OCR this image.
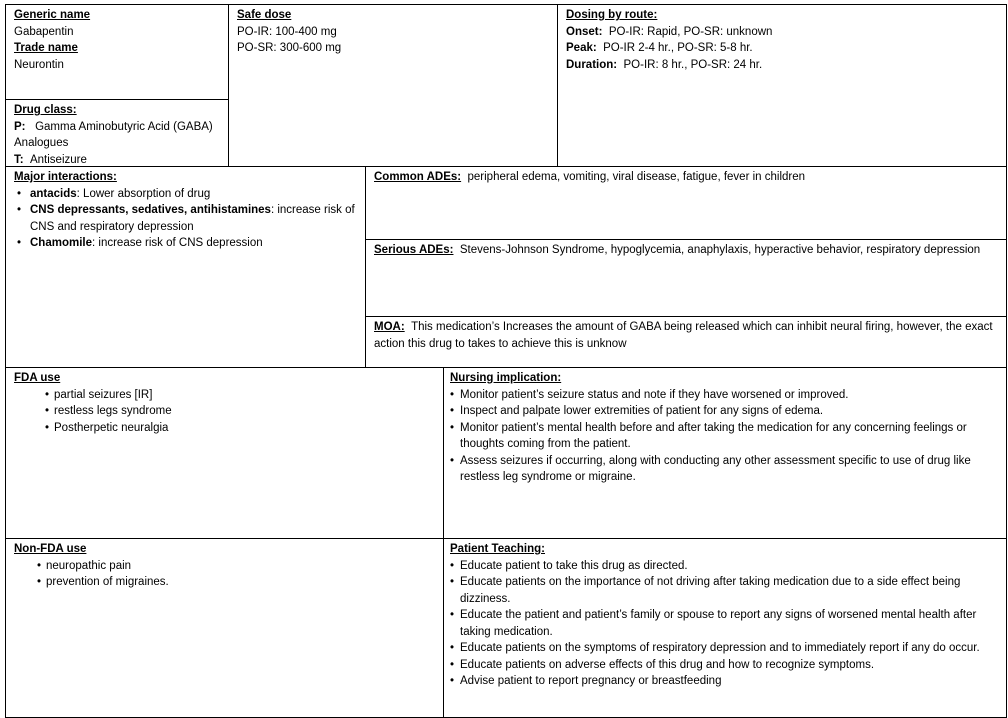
Generic name

Gabapentin

Trade name

Neurontin

Drug class:

P: Gamma Aminobutyric Acid (GABA) Analogues

T: Antiseizure

Safe dose

PO-IR: 100-400 mg

PO-SR: 300-600 mg

Dosing by route:

Onset: PO-IR: Rapid, PO-SR: unknown

Peak: PO-IR 2-4 hr., PO-SR: 5-8 hr.

Duration: PO-IR: 8 hr., PO-SR: 24 hr.

Major interactions:

• antacids: Lower absorption of drug
• CNS depressants, sedatives, antihistamines: increase risk of CNS and respiratory depression
• Chamomile: increase risk of CNS depression

Common ADEs: peripheral edema, vomiting, viral disease, fatigue, fever in children

Serious ADEs: Stevens-Johnson Syndrome, hypoglycemia, anaphylaxis, hyperactive behavior, respiratory depression

MOA: This medication’s Increases the amount of GABA being released which can inhibit neural firing, however, the exact action this drug to takes to achieve this is unknow

FDA use

• partial seizures [IR]
• restless legs syndrome
• Postherpetic neuralgia

Nursing implication:

• Monitor patient’s seizure status and note if they have worsened or improved.
• Inspect and palpate lower extremities of patient for any signs of edema.
• Monitor patient’s mental health before and after taking the medication for any concerning feelings or thoughts coming from the patient.
• Assess seizures if occurring, along with conducting any other assessment specific to use of drug like restless leg syndrome or migraine.

Non-FDA use

• neuropathic pain
• prevention of migraines.

Patient Teaching:

• Educate patient to take this drug as directed.
• Educate patients on the importance of not driving after taking medication due to a side effect being dizziness.
• Educate the patient and patient’s family or spouse to report any signs of worsened mental health after taking medication.
• Educate patients on the symptoms of respiratory depression and to immediately report if any do occur.
• Educate patients on adverse effects of this drug and how to recognize symptoms.
• Advise patient to report pregnancy or breastfeeding
